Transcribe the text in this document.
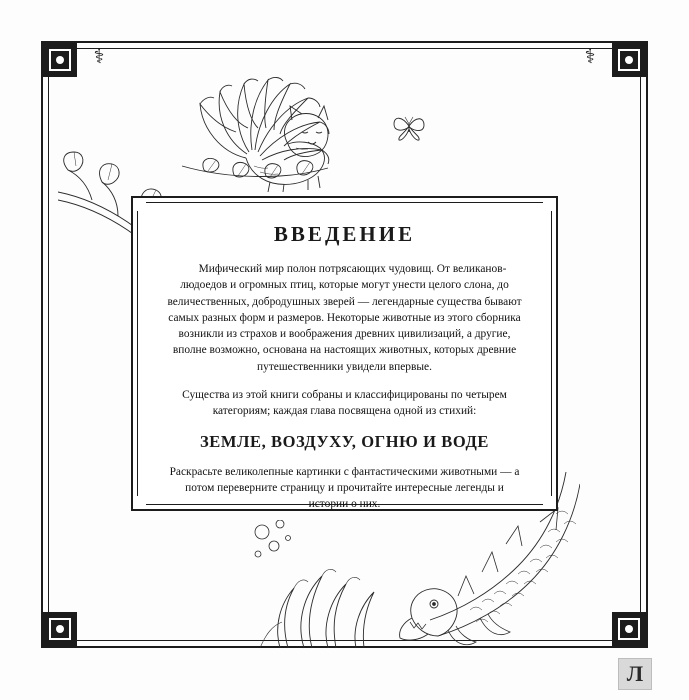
⚕	⚕
ВВЕДЕНИЕ

Мифический мир полон потрясающих чудовищ. От великанов-людоедов и огромных птиц, которые могут унести целого слона, до величественных, добродушных зверей — легендарные существа бывают самых разных форм и размеров. Некоторые животные из этого сборника возникли из страхов и воображения древних цивилизаций, а другие, вполне возможно, основана на настоящих животных, которых древние путешественники увидели впервые.

Существа из этой книги собраны и классифицированы по четырем категориям; каждая глава посвящена одной из стихий:

ЗЕМЛЕ, ВОЗДУХУ, ОГНЮ И ВОДЕ

Раскрасьте великолепные картинки с фантастическими животными — а потом переверните страницу и прочитайте интересные легенды и истории о них.

Л
